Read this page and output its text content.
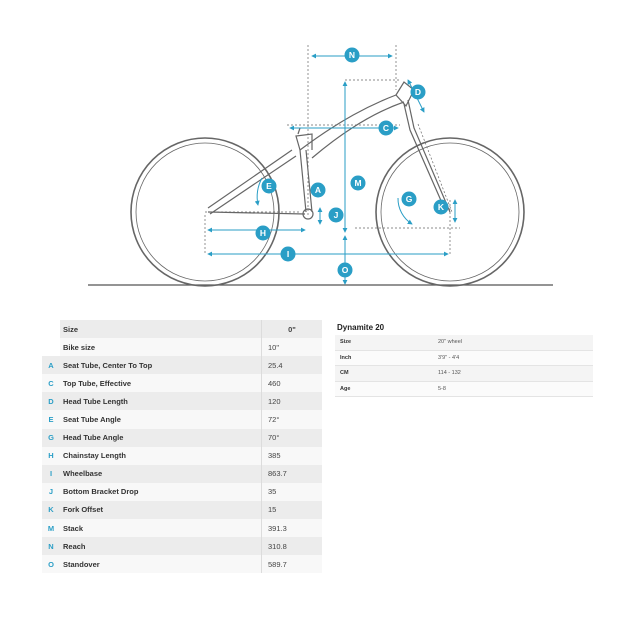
N
D
C
M
E	A
J
G
K
H
I
O
	Size	0"
	Bike size	10"
A	Seat Tube, Center To Top	25.4
C	Top Tube, Effective	460
D	Head Tube Length	120
E	Seat Tube Angle	72°
G	Head Tube Angle	70°
H	Chainstay Length	385
I	Wheelbase	863.7
J	Bottom Bracket Drop	35
K	Fork Offset	15
M	Stack	391.3
N	Reach	310.8
O	Standover	589.7
Dynamite 20
Size	20" wheel
Inch	3'9" - 4'4
CM	114 - 132
Age	5-8
